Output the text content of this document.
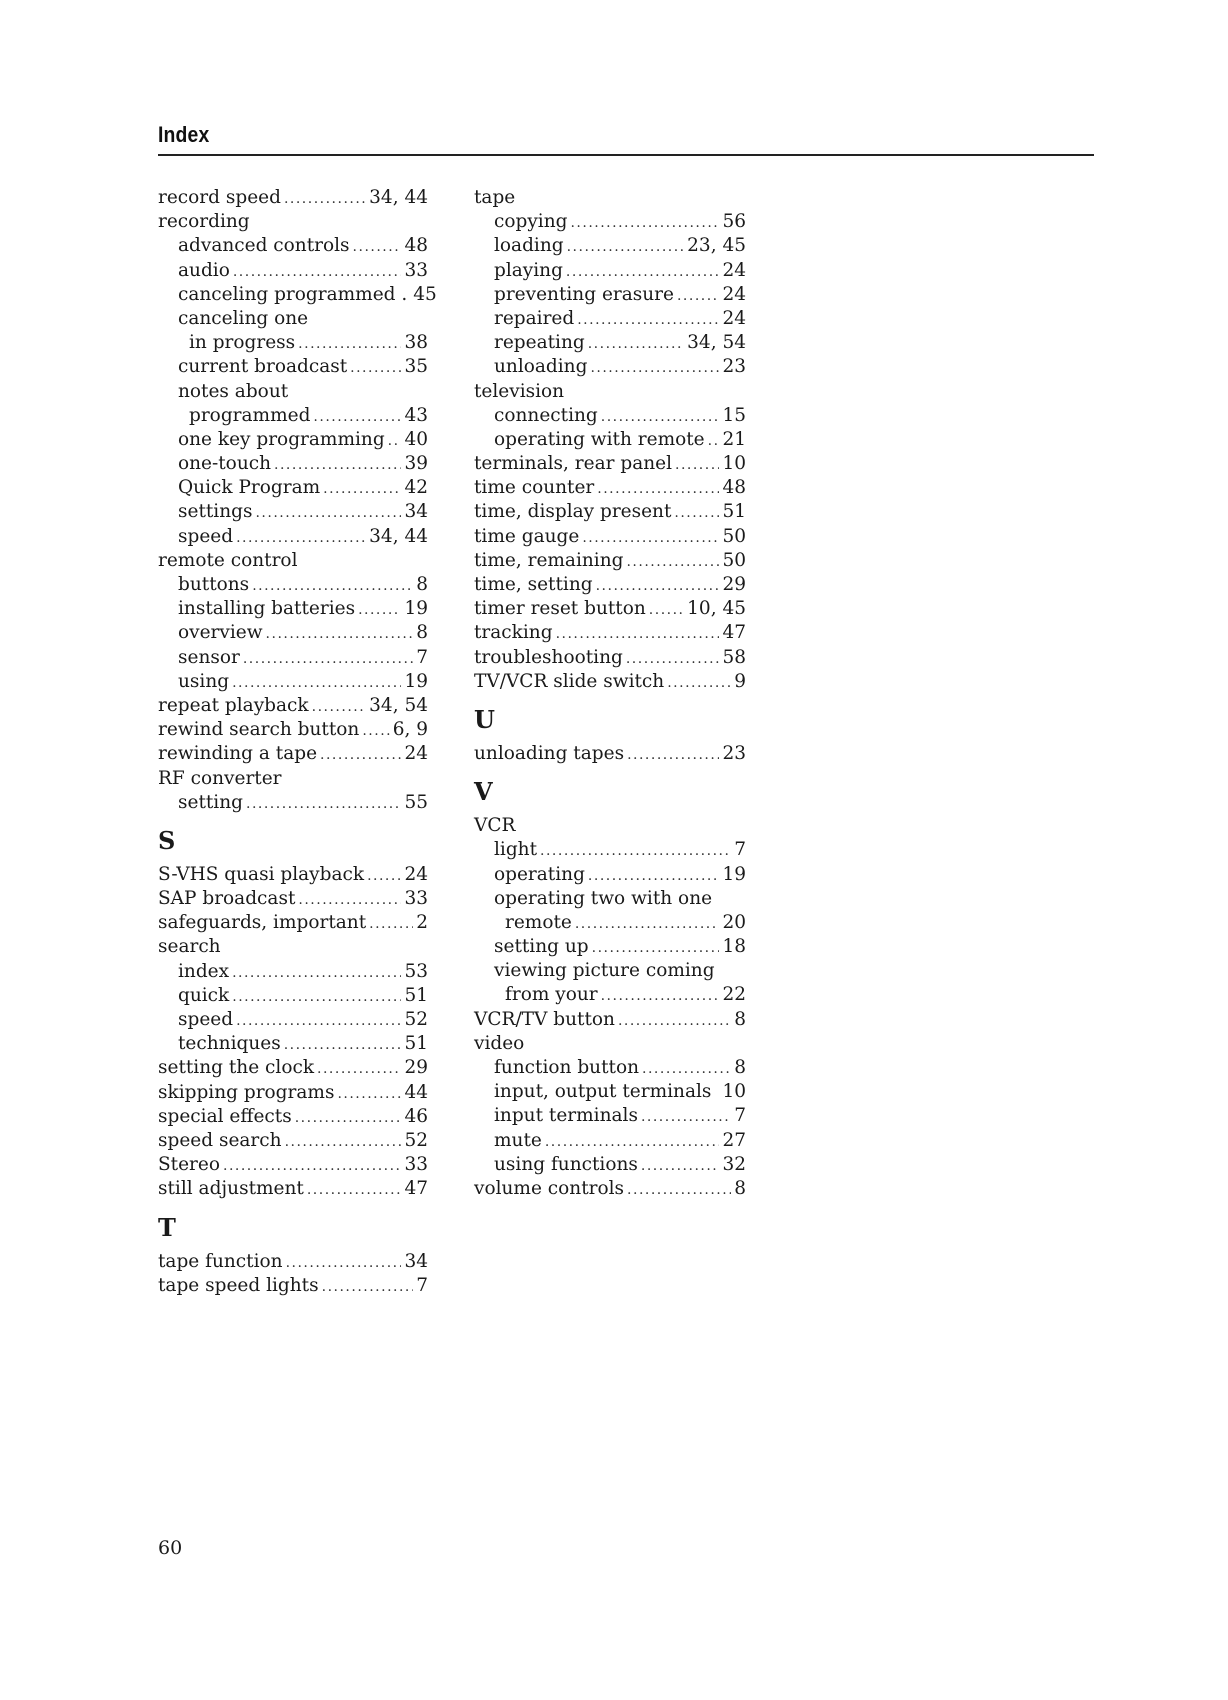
Index
record speed .....	34, 44
recording
advanced controls .....	48
audio .....	33
canceling programmed . 45
canceling one
in progress .....	38
current broadcast .....	35
notes about
programmed .....	43
one key programming ..... 40
one-touch .....	39
Quick Program .....	42
settings .....	34
speed .....	34, 44
remote control
buttons .....	8
installing batteries .....	19
overview .....	8
sensor .....	7
using .....	19
repeat playback .....	34, 54
rewind search button ..... 6, 9
rewinding a tape .....	24
RF converter
setting .....	55
S
S-VHS quasi playback ..... 24
SAP broadcast .....	33
safeguards, important .....	2
search
index .....	53
quick .....	51
speed .....	52
techniques .....	51
setting the clock .....	29
skipping programs .....	44
special effects .....	46
speed search .....	52
Stereo .....	33
still adjustment .....	47
T
tape function .....	34
tape speed lights .....	7
tape
copying .....	56
loading .....	23, 45
playing .....	24
preventing erasure .....	24
repaired .....	24
repeating .....	34, 54
unloading .....	23
television
connecting .....	15
operating with remote ..... 21
terminals, rear panel .....	10
time counter .....	48
time, display present .....	51
time gauge .....	50
time, remaining .....	50
time, setting .....	29
timer reset button ..... 10, 45
tracking .....	47
troubleshooting .....	58
TV/VCR slide switch .....	9
U
unloading tapes .....	23
V
VCR
light .....	7
operating .....	19
operating two with one
remote .....	20
setting up .....	18
viewing picture coming
from your .....	22
VCR/TV button .....	8
video
function button .....	8
input, output terminals 10
input terminals .....	7
mute .....	27
using functions .....	32
volume controls .....	8
60
